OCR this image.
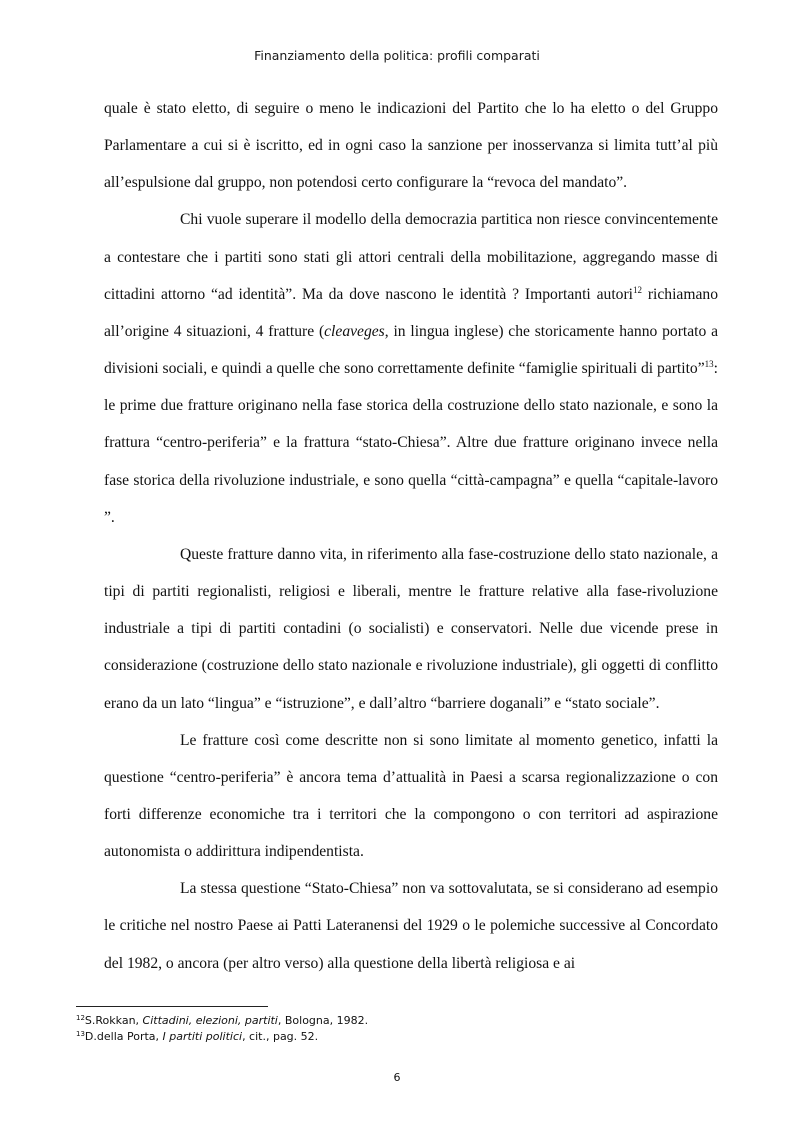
Finanziamento della politica: profili comparati

quale è stato eletto, di seguire o meno le indicazioni del Partito che lo ha eletto o del Gruppo Parlamentare a cui si è iscritto, ed in ogni caso la sanzione per inosservanza si limita tutt’al più all’espulsione dal gruppo, non potendosi certo configurare la “revoca del mandato”.

Chi vuole superare il modello della democrazia partitica non riesce convincentemente a contestare che i partiti sono stati gli attori centrali della mobilitazione, aggregando masse di cittadini attorno “ad identità”. Ma da dove nascono le identità ? Importanti autori$^{12}$ richiamano all’origine 4 situazioni, 4 fratture (cleaveges, in lingua inglese) che storicamente hanno portato a divisioni sociali, e quindi a quelle che sono correttamente definite “famiglie spirituali di partito”$^{13}$: le prime due fratture originano nella fase storica della costruzione dello stato nazionale, e sono la frattura “centro-periferia” e la frattura “stato-Chiesa”. Altre due fratture originano invece nella fase storica della rivoluzione industriale, e sono quella “città-campagna” e quella “capitale-lavoro ”.

Queste fratture danno vita, in riferimento alla fase-costruzione dello stato nazionale, a tipi di partiti regionalisti, religiosi e liberali, mentre le fratture relative alla fase-rivoluzione industriale a tipi di partiti contadini (o socialisti) e conservatori. Nelle due vicende prese in considerazione (costruzione dello stato nazionale e rivoluzione industriale), gli oggetti di conflitto erano da un lato “lingua” e “istruzione”, e dall’altro “barriere doganali” e “stato sociale”.

Le fratture così come descritte non si sono limitate al momento genetico, infatti la questione “centro-periferia” è ancora tema d’attualità in Paesi a scarsa regionalizzazione o con forti differenze economiche tra i territori che la compongono o con territori ad aspirazione autonomista o addirittura indipendentista.

La stessa questione “Stato-Chiesa” non va sottovalutata, se si considerano ad esempio le critiche nel nostro Paese ai Patti Lateranensi del 1929 o le polemiche successive al Concordato del 1982, o ancora (per altro verso) alla questione della libertà religiosa e ai

$^{12}$S.Rokkan, Cittadini, elezioni, partiti, Bologna, 1982.
$^{13}$D.della Porta, I partiti politici, cit., pag. 52.
6
